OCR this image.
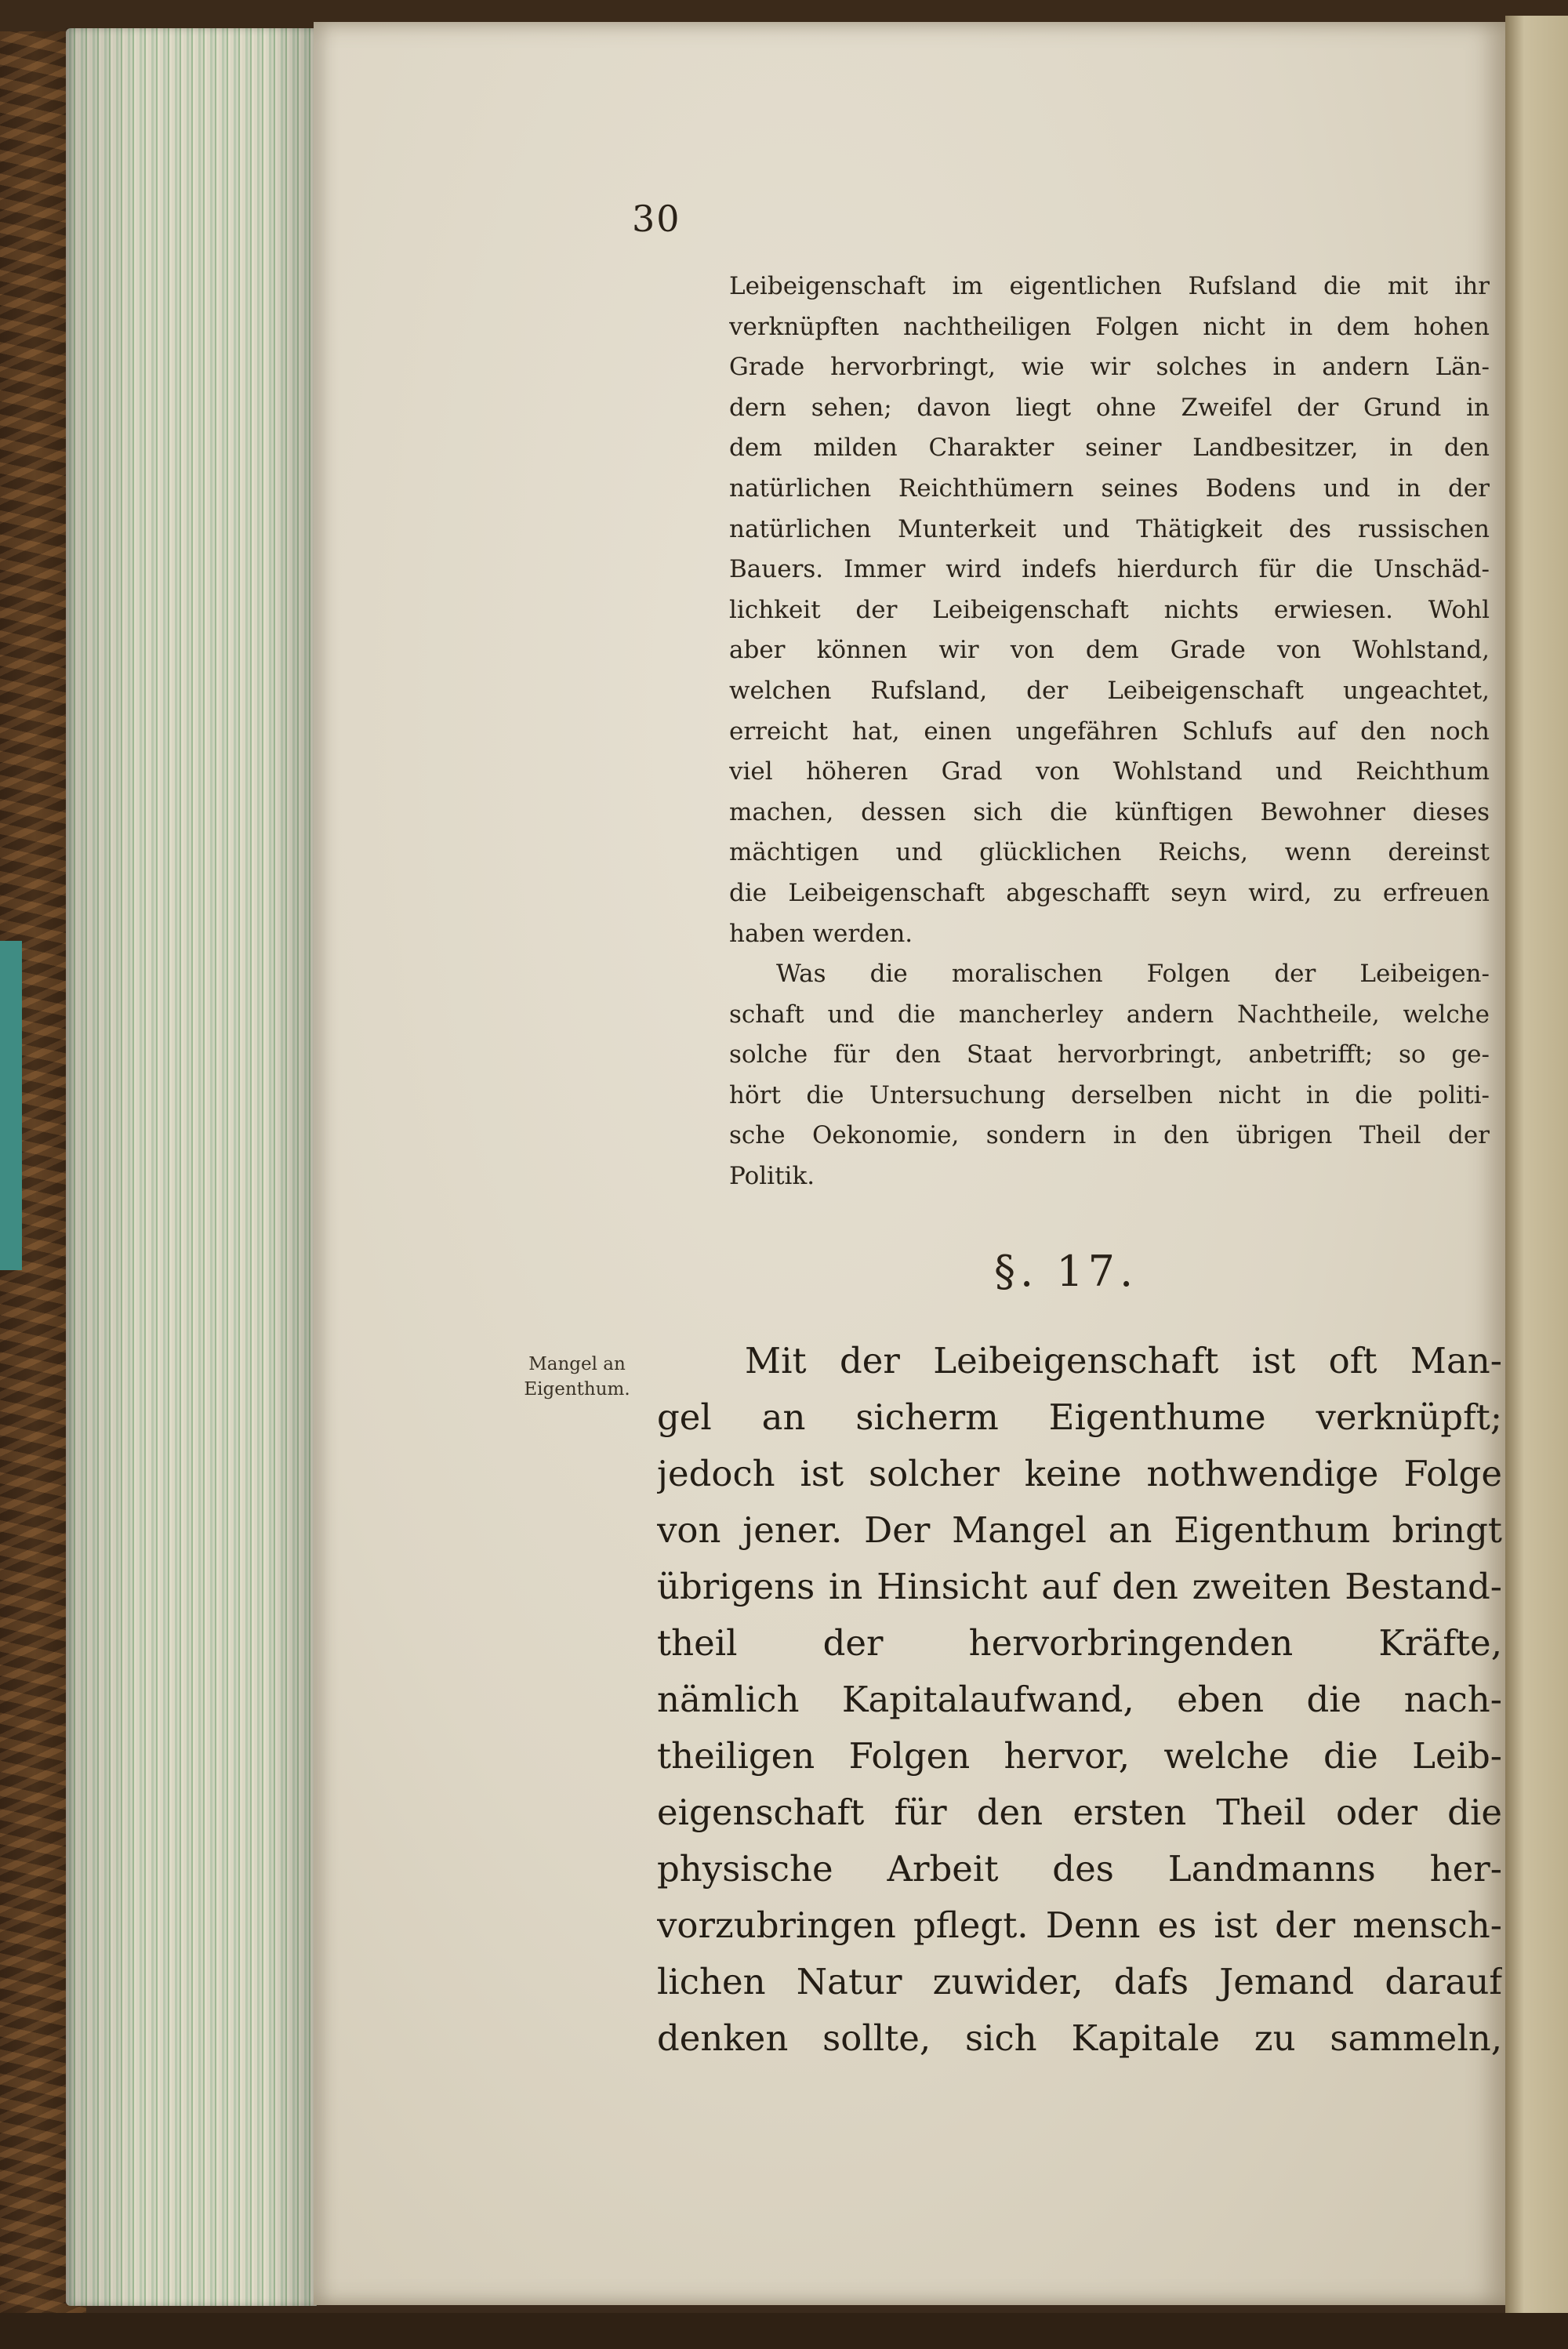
30
Leibeigenschaft im eigentlichen Rufsland die mit ihr
verknüpften nachtheiligen Folgen nicht in dem hohen
Grade hervorbringt, wie wir solches in andern Län-
dern sehen; davon liegt ohne Zweifel der Grund in
dem milden Charakter seiner Landbesitzer, in den
natürlichen Reichthümern seines Bodens und in der
natürlichen Munterkeit und Thätigkeit des russischen
Bauers. Immer wird indefs hierdurch für die Unschäd-
lichkeit der Leibeigenschaft nichts erwiesen. Wohl
aber können wir von dem Grade von Wohlstand,
welchen Rufsland, der Leibeigenschaft ungeachtet,
erreicht hat, einen ungefähren Schlufs auf den noch
viel höheren Grad von Wohlstand und Reichthum
machen, dessen sich die künftigen Bewohner dieses
mächtigen und glücklichen Reichs, wenn dereinst
die Leibeigenschaft abgeschafft seyn wird, zu erfreuen
haben werden.
Was die moralischen Folgen der Leibeigen-
schaft und die mancherley andern Nachtheile, welche
solche für den Staat hervorbringt, anbetrifft; so ge-
hört die Untersuchung derselben nicht in die politi-
sche Oekonomie, sondern in den übrigen Theil der
Politik.
§. 17.
Mangel an
Eigenthum.
Mit der Leibeigenschaft ist oft Man-
gel an sicherm Eigenthume verknüpft;
jedoch ist solcher keine nothwendige Folge
von jener. Der Mangel an Eigenthum bringt
übrigens in Hinsicht auf den zweiten Bestand-
theil der hervorbringenden Kräfte,
nämlich Kapitalaufwand, eben die nach-
theiligen Folgen hervor, welche die Leib-
eigenschaft für den ersten Theil oder die
physische Arbeit des Landmanns her-
vorzubringen pflegt. Denn es ist der mensch-
lichen Natur zuwider, dafs Jemand darauf
denken sollte, sich Kapitale zu sammeln,
